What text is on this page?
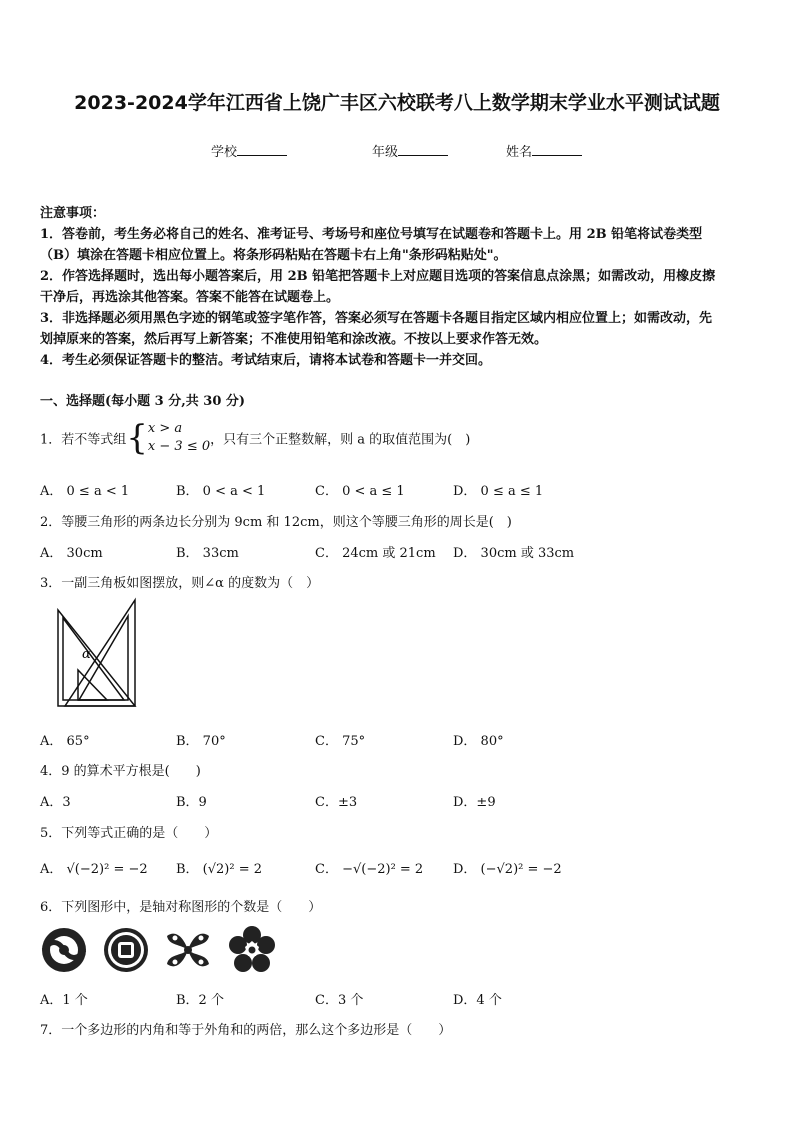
2023-2024学年江西省上饶广丰区六校联考八上数学期末学业水平测试试题
学校	年级	姓名

注意事项：

1．答卷前，考生务必将自己的姓名、准考证号、考场号和座位号填写在试题卷和答题卡上。用 2B 铅笔将试卷类型

（B）填涂在答题卡相应位置上。将条形码粘贴在答题卡右上角"条形码粘贴处"。

2．作答选择题时，选出每小题答案后，用 2B 铅笔把答题卡上对应题目选项的答案信息点涂黑；如需改动，用橡皮擦

干净后，再选涂其他答案。答案不能答在试题卷上。

3．非选择题必须用黑色字迹的钢笔或签字笔作答，答案必须写在答题卡各题目指定区域内相应位置上；如需改动，先

划掉原来的答案，然后再写上新答案；不准使用铅笔和涂改液。不按以上要求作答无效。

4．考生必须保证答题卡的整洁。考试结束后，请将本试卷和答题卡一并交回。

一、选择题(每小题 3 分,共 30 分)
1．若不等式组{x > a
x − 3 ≤ 0，只有三个正整数解，则 a 的取值范围为(　)
A． 0 ≤ a < 1	B． 0 < a < 1	C． 0 < a ≤ 1	D． 0 ≤ a ≤ 1
2．等腰三角形的两条边长分别为 9cm 和 12cm，则这个等腰三角形的周长是(　)
A． 30cm	B． 33cm	C． 24cm 或 21cm D． 30cm 或 33cm
3．一副三角板如图摆放，则∠α 的度数为（　）
α
A． 65°	B． 70°	C． 75°	D． 80°
4．9 的算术平方根是(　　)
A．3	B．9	C．±3	D．±9
5．下列等式正确的是（　　）
A． √(−2)² = −2 B． (√2)² = 2	C． −√(−2)² = 2 D． (−√2)² = −2
6．下列图形中，是轴对称图形的个数是（　　）
A．1 个	B．2 个	C．3 个	D．4 个
7．一个多边形的内角和等于外角和的两倍，那么这个多边形是（　　）
